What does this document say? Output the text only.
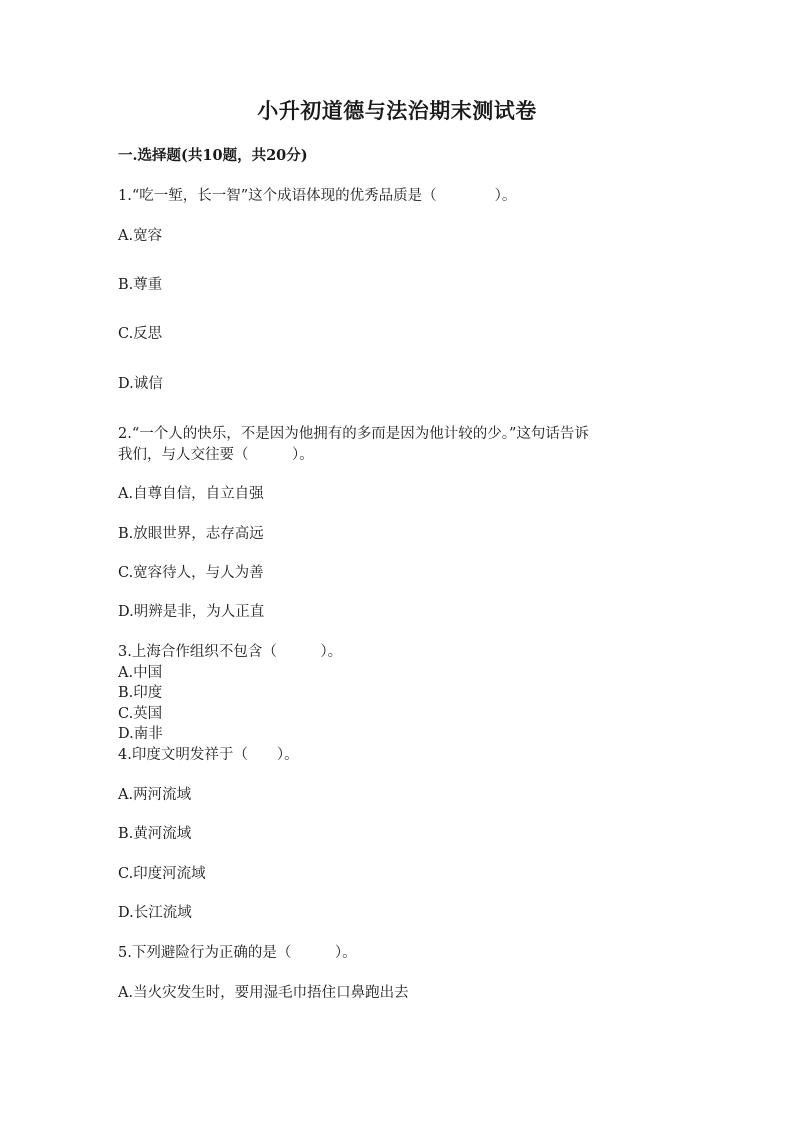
小升初道德与法治期末测试卷
一.选择题(共10题，共20分)
1.“吃一堑，长一智”这个成语体现的优秀品质是（　　　　）。
A.宽容
B.尊重
C.反思
D.诚信
2.“一个人的快乐，不是因为他拥有的多而是因为他计较的少。”这句话告诉
我们，与人交往要（　　　）。
A.自尊自信，自立自强
B.放眼世界，志存高远
C.宽容待人，与人为善
D.明辨是非，为人正直
3.上海合作组织不包含（　　　）。
A.中国
B.印度
C.英国
D.南非
4.印度文明发祥于（　　）。
A.两河流域
B.黄河流域
C.印度河流域
D.长江流域
5.下列避险行为正确的是（　　　）。
A.当火灾发生时，要用湿毛巾捂住口鼻跑出去
